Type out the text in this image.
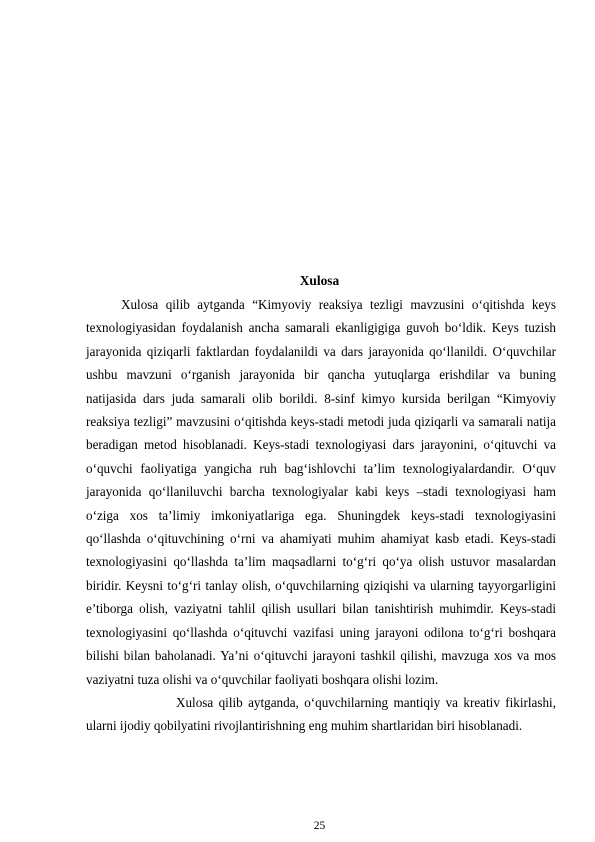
Xulosa

Xulosa qilib aytganda “Kimyoviy reaksiya tezligi mavzusini o‘qitishda keys texnologiyasidan foydalanish ancha samarali ekanligigiga guvoh bo‘ldik. Keys tuzish jarayonida qiziqarli faktlardan foydalanildi va dars jarayonida qo‘llanildi. O‘quvchilar ushbu mavzuni o‘rganish jarayonida bir qancha yutuqlarga erishdilar va buning natijasida dars juda samarali olib borildi. 8-sinf kimyo kursida berilgan “Kimyoviy reaksiya tezligi” mavzusini o‘qitishda keys-stadi metodi juda qiziqarli va samarali natija beradigan metod hisoblanadi. Keys-stadi texnologiyasi dars jarayonini, o‘qituvchi va o‘quvchi faoliyatiga yangicha ruh bag‘ishlovchi ta’lim texnologiyalardandir. O‘quv jarayonida qo‘llaniluvchi barcha texnologiyalar kabi keys –stadi texnologiyasi ham o‘ziga xos ta’limiy imkoniyatlariga ega. Shuningdek keys-stadi texnologiyasini qo‘llashda o‘qituvchining o‘rni va ahamiyati muhim ahamiyat kasb etadi. Keys-stadi texnologiyasini qo‘llashda ta’lim maqsadlarni to‘g‘ri qo‘ya olish ustuvor masalardan biridir. Keysni to‘g‘ri tanlay olish, o‘quvchilarning qiziqishi va ularning tayyorgarligini e’tiborga olish, vaziyatni tahlil qilish usullari bilan tanishtirish muhimdir. Keys-stadi texnologiyasini qo‘llashda o‘qituvchi vazifasi uning jarayoni odilona to‘g‘ri boshqara bilishi bilan baholanadi. Ya’ni o‘qituvchi jarayoni tashkil qilishi, mavzuga xos va mos vaziyatni tuza olishi va o‘quvchilar faoliyati boshqara olishi lozim.

Xulosa qilib aytganda, o‘quvchilarning mantiqiy va kreativ fikirlashi, ularni ijodiy qobilyatini rivojlantirishning eng muhim shartlaridan biri hisoblanadi.

25
